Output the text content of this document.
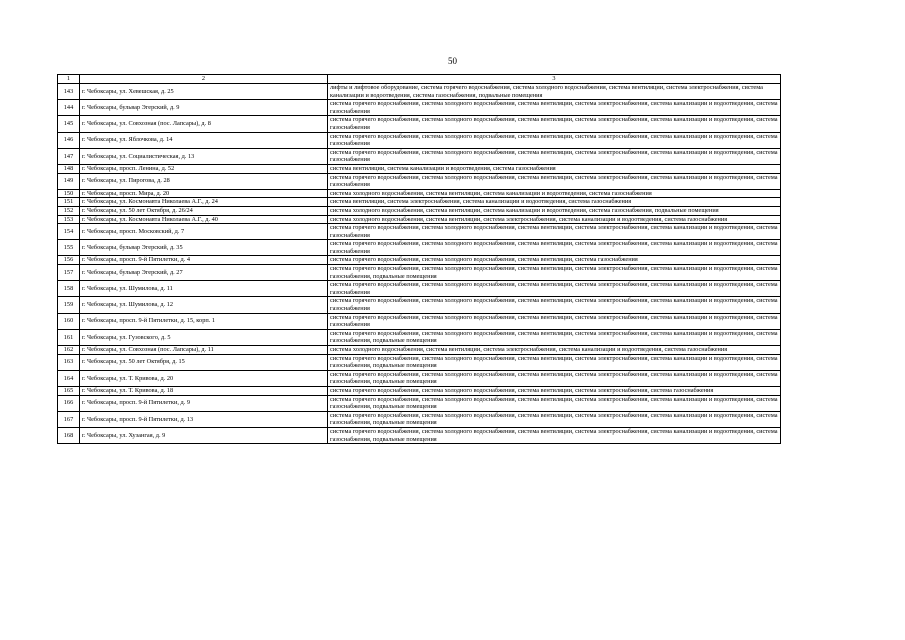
50
1	2	3
143	г. Чебоксары, ул. Хевешская, д. 25	лифты и лифтовое оборудование, система горячего водоснабжения, система холодного водоснабжения, система вентиляции, система электроснабжения, система канализации и водоотведения, система газоснабжения, подвальные помещения
144	г. Чебоксары, бульвар Эгерский, д. 9	система горячего водоснабжения, система холодного водоснабжения, система вентиляции, система электроснабжения, система канализации и водоотведения, система газоснабжения
145	г. Чебоксары, ул. Совхозная (пос. Лапсары), д. 8	система горячего водоснабжения, система холодного водоснабжения, система вентиляции, система электроснабжения, система канализации и водоотведения, система газоснабжения
146	г. Чебоксары, ул. Яблочкова, д. 14	система горячего водоснабжения, система холодного водоснабжения, система вентиляции, система электроснабжения, система канализации и водоотведения, система газоснабжения
147	г. Чебоксары, ул. Социалистическая, д. 13	система горячего водоснабжения, система холодного водоснабжения, система вентиляции, система электроснабжения, система канализации и водоотведения, система газоснабжения
148	г. Чебоксары, просп. Ленина, д. 52	система вентиляции, система канализации и водоотведения, система газоснабжения
149	г. Чебоксары, ул. Пирогова, д. 28	система горячего водоснабжения, система холодного водоснабжения, система вентиляции, система электроснабжения, система канализации и водоотведения, система газоснабжения
150	г. Чебоксары, просп. Мира, д. 20	система холодного водоснабжения, система вентиляции, система канализации и водоотведения, система газоснабжения
151	г. Чебоксары, ул. Космонавта Николаева А.Г., д. 24	система вентиляции, система электроснабжения, система канализации и водоотведения, система газоснабжения
152	г. Чебоксары, ул. 50 лет Октября, д. 26/24	система холодного водоснабжения, система вентиляции, система канализации и водоотведения, система газоснабжения, подвальные помещения
153	г. Чебоксары, ул. Космонавта Николаева А.Г., д. 40	система холодного водоснабжения, система вентиляции, система электроснабжения, система канализации и водоотведения, система газоснабжения
154	г. Чебоксары, просп. Московский, д. 7	система горячего водоснабжения, система холодного водоснабжения, система вентиляции, система электроснабжения, система канализации и водоотведения, система газоснабжения
155	г. Чебоксары, бульвар Эгерский, д. 35	система горячего водоснабжения, система холодного водоснабжения, система вентиляции, система электроснабжения, система канализации и водоотведения, система газоснабжения
156	г. Чебоксары, просп. 9-й Пятилетки, д. 4	система горячего водоснабжения, система холодного водоснабжения, система вентиляции, система газоснабжения
157	г. Чебоксары, бульвар Эгерский, д. 27	система горячего водоснабжения, система холодного водоснабжения, система вентиляции, система электроснабжения, система канализации и водоотведения, система газоснабжения, подвальные помещения
158	г. Чебоксары, ул. Шумилова, д. 11	система горячего водоснабжения, система холодного водоснабжения, система вентиляции, система электроснабжения, система канализации и водоотведения, система газоснабжения
159	г. Чебоксары, ул. Шумилова, д. 12	система горячего водоснабжения, система холодного водоснабжения, система вентиляции, система электроснабжения, система канализации и водоотведения, система газоснабжения
160	г. Чебоксары, просп. 9-й Пятилетки, д. 15, корп. 1	система горячего водоснабжения, система холодного водоснабжения, система вентиляции, система электроснабжения, система канализации и водоотведения, система газоснабжения
161	г. Чебоксары, ул. Гузовского, д. 5	система горячего водоснабжения, система холодного водоснабжения, система вентиляции, система электроснабжения, система канализации и водоотведения, система газоснабжения, подвальные помещения
162	г. Чебоксары, ул. Совхозная (пос. Лапсары), д. 11	система холодного водоснабжения, система вентиляции, система электроснабжения, система канализации и водоотведения, система газоснабжения
163	г. Чебоксары, ул. 50 лет Октября, д. 15	система горячего водоснабжения, система холодного водоснабжения, система вентиляции, система электроснабжения, система канализации и водоотведения, система газоснабжения, подвальные помещения
164	г. Чебоксары, ул. Т. Кривова, д. 20	система горячего водоснабжения, система холодного водоснабжения, система вентиляции, система электроснабжения, система канализации и водоотведения, система газоснабжения, подвальные помещения
165	г. Чебоксары, ул. Т. Кривова, д. 18	система горячего водоснабжения, система холодного водоснабжения, система вентиляции, система электроснабжения, система газоснабжения
166	г. Чебоксары, просп. 9-й Пятилетки, д. 9	система горячего водоснабжения, система холодного водоснабжения, система вентиляции, система электроснабжения, система канализации и водоотведения, система газоснабжения, подвальные помещения
167	г. Чебоксары, просп. 9-й Пятилетки, д. 13	система горячего водоснабжения, система холодного водоснабжения, система вентиляции, система электроснабжения, система канализации и водоотведения, система газоснабжения, подвальные помещения
168	г. Чебоксары, ул. Хузангая, д. 9	система горячего водоснабжения, система холодного водоснабжения, система вентиляции, система электроснабжения, система канализации и водоотведения, система газоснабжения, подвальные помещения
